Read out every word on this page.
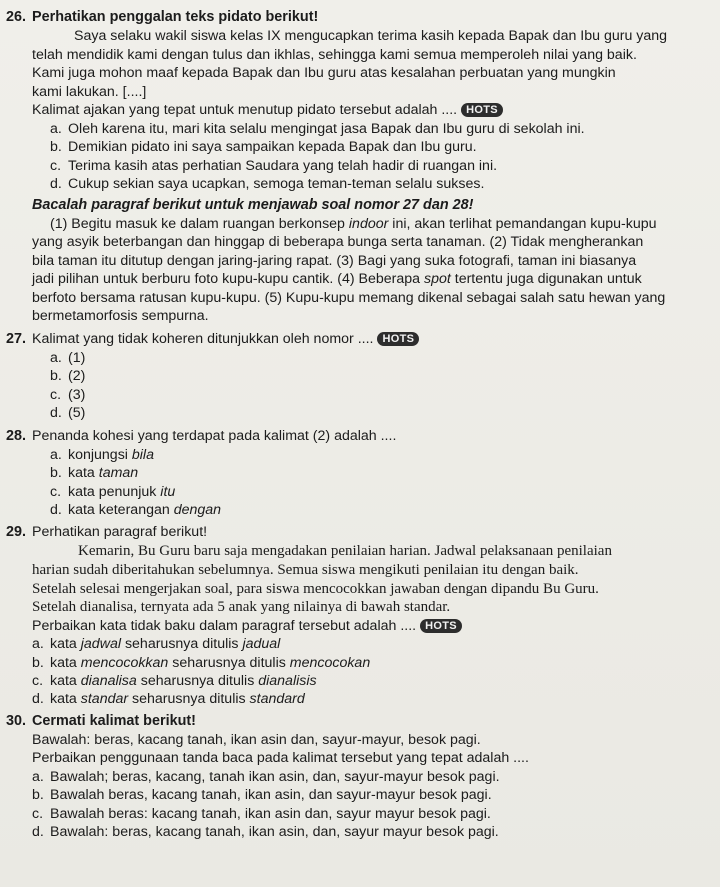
26. Perhatikan penggalan teks pidato berikut!
Saya selaku wakil siswa kelas IX mengucapkan terima kasih kepada Bapak dan Ibu guru yang
telah mendidik kami dengan tulus dan ikhlas, sehingga kami semua memperoleh nilai yang baik.
Kami juga mohon maaf kepada Bapak dan Ibu guru atas kesalahan perbuatan yang mungkin
kami lakukan. [....]
Kalimat ajakan yang tepat untuk menutup pidato tersebut adalah .... HOTS
a. Oleh karena itu, mari kita selalu mengingat jasa Bapak dan Ibu guru di sekolah ini.
b. Demikian pidato ini saya sampaikan kepada Bapak dan Ibu guru.
c. Terima kasih atas perhatian Saudara yang telah hadir di ruangan ini.
d. Cukup sekian saya ucapkan, semoga teman-teman selalu sukses.
Bacalah paragraf berikut untuk menjawab soal nomor 27 dan 28!
(1) Begitu masuk ke dalam ruangan berkonsep indoor ini, akan terlihat pemandangan kupu-kupu
yang asyik beterbangan dan hinggap di beberapa bunga serta tanaman. (2) Tidak mengherankan
bila taman itu ditutup dengan jaring-jaring rapat. (3) Bagi yang suka fotografi, taman ini biasanya
jadi pilihan untuk berburu foto kupu-kupu cantik. (4) Beberapa spot tertentu juga digunakan untuk
berfoto bersama ratusan kupu-kupu. (5) Kupu-kupu memang dikenal sebagai salah satu hewan yang
bermetamorfosis sempurna.
27. Kalimat yang tidak koheren ditunjukkan oleh nomor .... HOTS
a. (1)
b. (2)
c. (3)
d. (5)
28. Penanda kohesi yang terdapat pada kalimat (2) adalah ....
a. konjungsi bila
b. kata taman
c. kata penunjuk itu
d. kata keterangan dengan
29. Perhatikan paragraf berikut!
Kemarin, Bu Guru baru saja mengadakan penilaian harian. Jadwal pelaksanaan penilaian
harian sudah diberitahukan sebelumnya. Semua siswa mengikuti penilaian itu dengan baik.
Setelah selesai mengerjakan soal, para siswa mencocokkan jawaban dengan dipandu Bu Guru.
Setelah dianalisa, ternyata ada 5 anak yang nilainya di bawah standar.
Perbaikan kata tidak baku dalam paragraf tersebut adalah .... HOTS
a. kata jadwal seharusnya ditulis jadual
b. kata mencocokkan seharusnya ditulis mencocokan
c. kata dianalisa seharusnya ditulis dianalisis
d. kata standar seharusnya ditulis standard
30. Cermati kalimat berikut!
Bawalah: beras, kacang tanah, ikan asin dan, sayur-mayur, besok pagi.
Perbaikan penggunaan tanda baca pada kalimat tersebut yang tepat adalah ....
a. Bawalah; beras, kacang, tanah ikan asin, dan, sayur-mayur besok pagi.
b. Bawalah beras, kacang tanah, ikan asin, dan sayur-mayur besok pagi.
c. Bawalah beras: kacang tanah, ikan asin dan, sayur mayur besok pagi.
d. Bawalah: beras, kacang tanah, ikan asin, dan, sayur mayur besok pagi.
